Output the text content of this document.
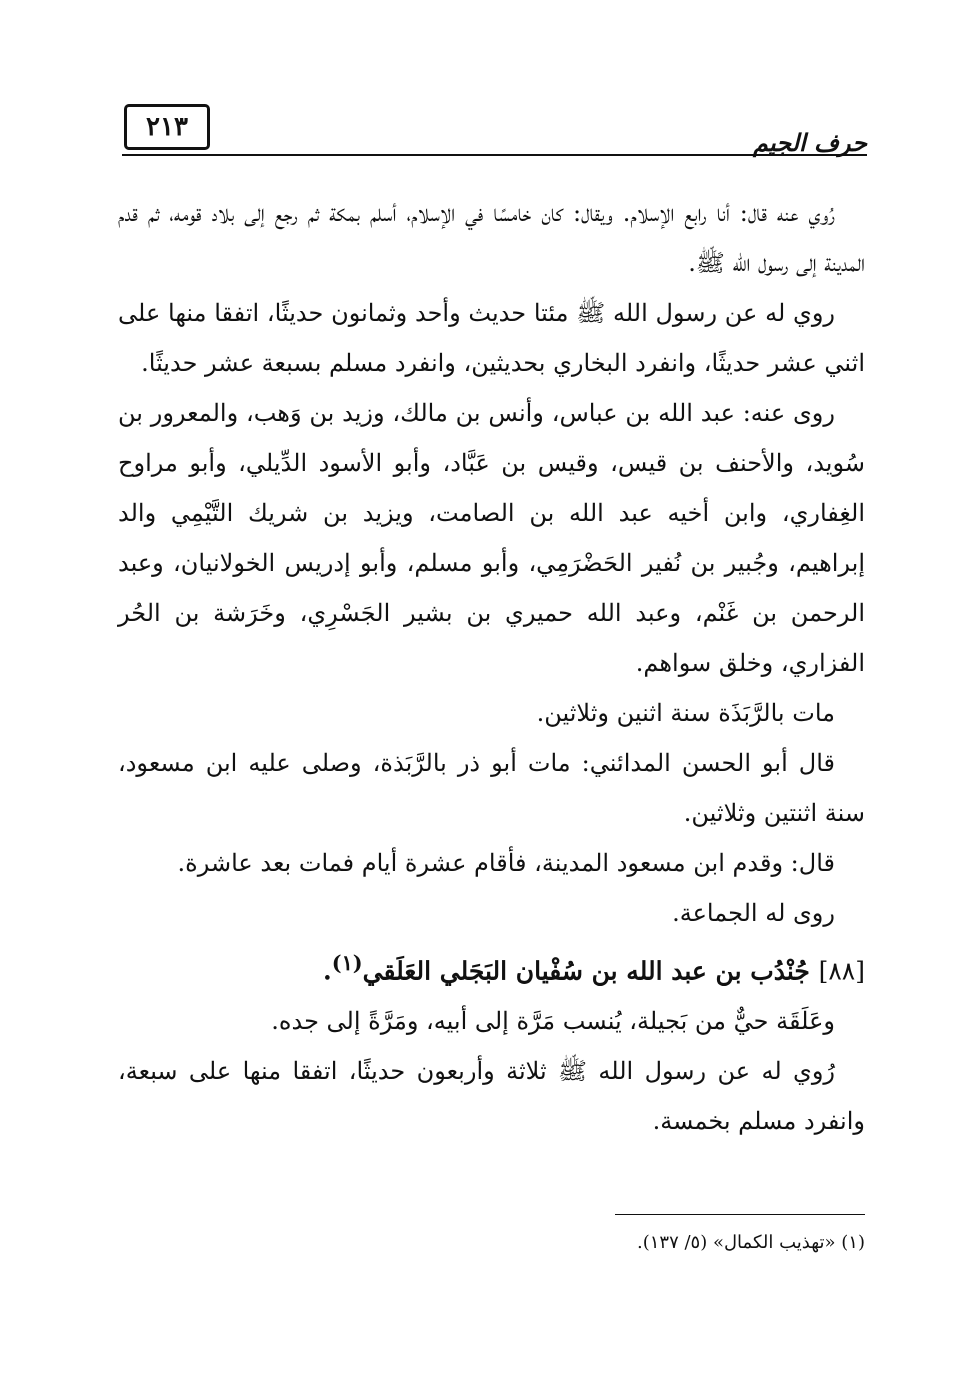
٢١٣
حرف الجيم

رُوي عنه قال: أنا رابع الإسلام. ويقال: كان خامسًا في الإسلام، أسلم بمكة ثم رجع إلى بلاد قومه، ثم قدم المدينة إلى رسول الله ﷺ.

روي له عن رسول الله ﷺ مئتا حديث وأحد وثمانون حديثًا، اتفقا منها على اثني عشر حديثًا، وانفرد البخاري بحديثين، وانفرد مسلم بسبعة عشر حديثًا.

روى عنه: عبد الله بن عباس، وأنس بن مالك، وزيد بن وَهب، والمعرور بن سُويد، والأحنف بن قيس، وقيس بن عَبَّاد، وأبو الأسود الدِّيلي، وأبو مراوح الغِفاري، وابن أخيه عبد الله بن الصامت، ويزيد بن شريك التَّيْمِي والد إبراهيم، وجُبير بن نُفير الحَضْرَمِي، وأبو مسلم، وأبو إدريس الخولانيان، وعبد الرحمن بن غَنْم، وعبد الله حميري بن بشير الجَسْرِي، وخَرَشة بن الحُر الفزاري، وخلق سواهم.

مات بالرَّبَذَة سنة اثنين وثلاثين.

قال أبو الحسن المدائني: مات أبو ذر بالرَّبَذة، وصلى عليه ابن مسعود، سنة اثنتين وثلاثين.

قال: وقدم ابن مسعود المدينة، فأقام عشرة أيام فمات بعد عاشرة.

روى له الجماعة.

[٨٨] جُنْدُب بن عبد الله بن سُفْيان البَجَلي العَلَقي$^{(١)}$.

وعَلَقَة حيٌّ من بَجيلة، يُنسب مَرَّة إلى أبيه، ومَرَّةً إلى جده.

رُوي له عن رسول الله ﷺ ثلاثة وأربعون حديثًا، اتفقا منها على سبعة، وانفرد مسلم بخمسة.

(١) «تهذيب الكمال» (٥/ ١٣٧).
